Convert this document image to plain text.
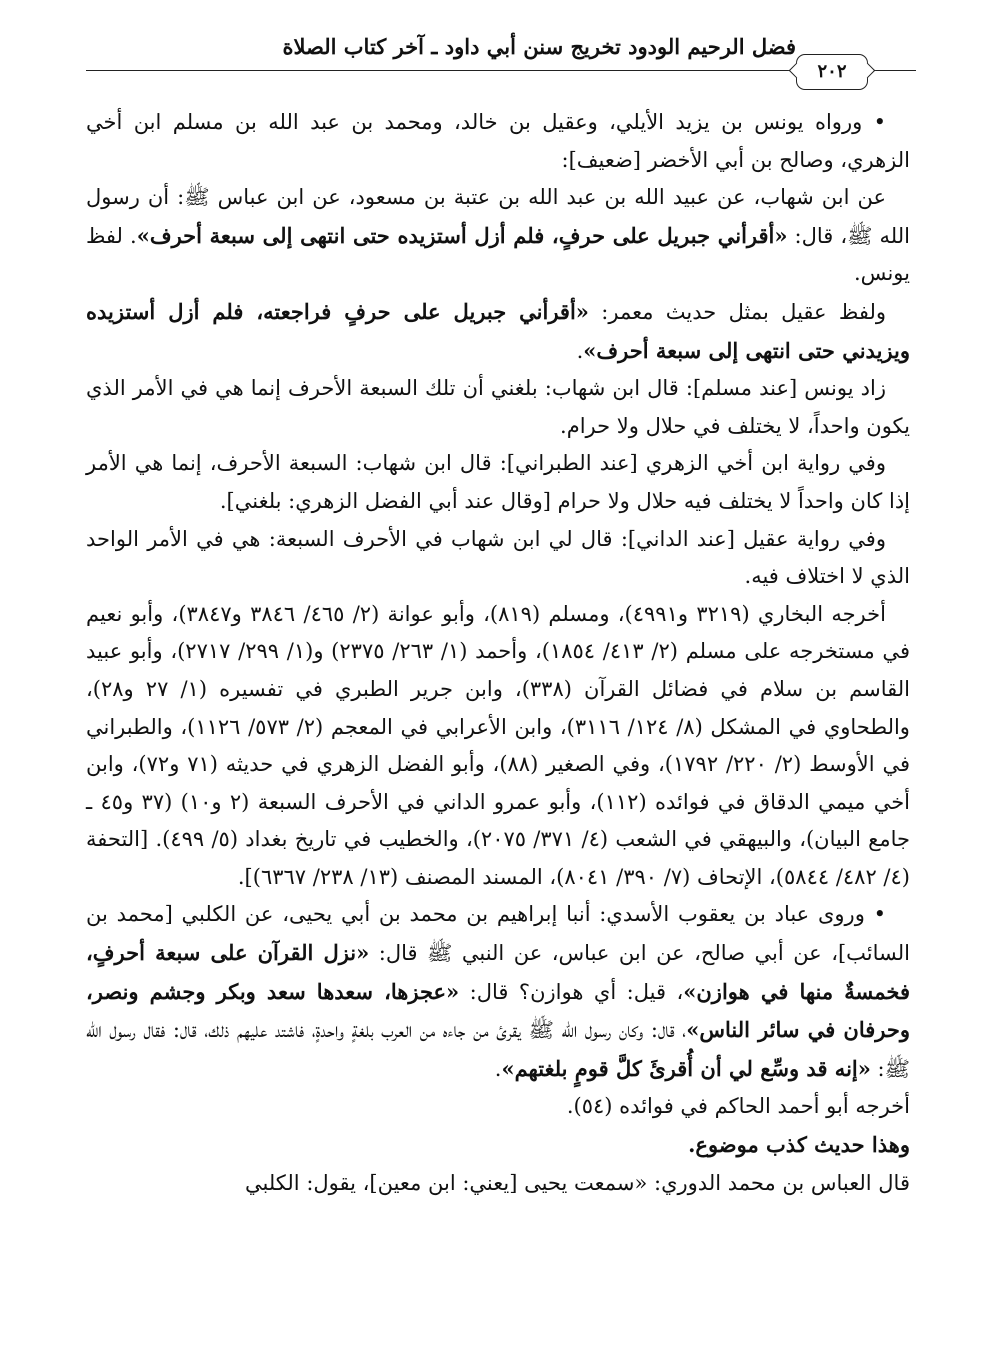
فضل الرحيم الودود تخريج سنن أبي داود ـ آخر كتاب الصلاة
٢٠٢

• ورواه يونس بن يزيد الأيلي، وعقيل بن خالد، ومحمد بن عبد الله بن مسلم ابن أخي الزهري، وصالح بن أبي الأخضر [ضعيف]:

عن ابن شهاب، عن عبيد الله بن عبد الله بن عتبة بن مسعود، عن ابن عباس ﷺ: أن رسول الله ﷺ، قال: «أقرأني جبريل على حرفٍ، فلم أزل أستزيده حتى انتهى إلى سبعة أحرف». لفظ يونس.

ولفظ عقيل بمثل حديث معمر: «أقرأني جبريل على حرفٍ فراجعته، فلم أزل أستزيده ويزيدني حتى انتهى إلى سبعة أحرف».

زاد يونس [عند مسلم]: قال ابن شهاب: بلغني أن تلك السبعة الأحرف إنما هي في الأمر الذي يكون واحداً، لا يختلف في حلال ولا حرام.

وفي رواية ابن أخي الزهري [عند الطبراني]: قال ابن شهاب: السبعة الأحرف، إنما هي الأمر إذا كان واحداً لا يختلف فيه حلال ولا حرام [وقال عند أبي الفضل الزهري: بلغني].

وفي رواية عقيل [عند الداني]: قال لي ابن شهاب في الأحرف السبعة: هي في الأمر الواحد الذي لا اختلاف فيه.

أخرجه البخاري (٣٢١٩ و٤٩٩١)، ومسلم (٨١٩)، وأبو عوانة (٢/ ٤٦٥/ ٣٨٤٦ و٣٨٤٧)، وأبو نعيم في مستخرجه على مسلم (٢/ ٤١٣/ ١٨٥٤)، وأحمد (١/ ٢٦٣/ ٢٣٧٥) و(١/ ٢٩٩/ ٢٧١٧)، وأبو عبيد القاسم بن سلام في فضائل القرآن (٣٣٨)، وابن جرير الطبري في تفسيره (١/ ٢٧ و٢٨)، والطحاوي في المشكل (٨/ ١٢٤/ ٣١١٦)، وابن الأعرابي في المعجم (٢/ ٥٧٣/ ١١٢٦)، والطبراني في الأوسط (٢/ ٢٢٠/ ١٧٩٢)، وفي الصغير (٨٨)، وأبو الفضل الزهري في حديثه (٧١ و٧٢)، وابن أخي ميمي الدقاق في فوائده (١١٢)، وأبو عمرو الداني في الأحرف السبعة (٢ و١٠) (٣٧ و٤٥ ـ جامع البيان)، والبيهقي في الشعب (٤/ ٣٧١/ ٢٠٧٥)، والخطيب في تاريخ بغداد (٥/ ٤٩٩). [التحفة (٤/ ٤٨٢/ ٥٨٤٤)، الإتحاف (٧/ ٣٩٠/ ٨٠٤١)، المسند المصنف (١٣/ ٢٣٨/ ٦٣٦٧)].

• وروى عباد بن يعقوب الأسدي: أنبا إبراهيم بن محمد بن أبي يحيى، عن الكلبي [محمد بن السائب]، عن أبي صالح، عن ابن عباس، عن النبي ﷺ قال: «نزل القرآن على سبعة أحرفٍ، فخمسةٌ منها في هوازن»، قيل: أي هوازن؟ قال: «عجزها، سعدها سعد وبكر وجشم ونصر، وحرفان في سائر الناس»، قال: وكان رسول الله ﷺ يقرئ من جاءه من العرب بلغةٍ واحدةٍ، فاشتد عليهم ذلك، قال: فقال رسول الله ﷺ: «إنه قد وسِّع لي أن أُقرئَ كلَّ قومٍ بلغتهم».

أخرجه أبو أحمد الحاكم في فوائده (٥٤).

وهذا حديث كذب موضوع.

قال العباس بن محمد الدوري: «سمعت يحيى [يعني: ابن معين]، يقول: الكلبي
